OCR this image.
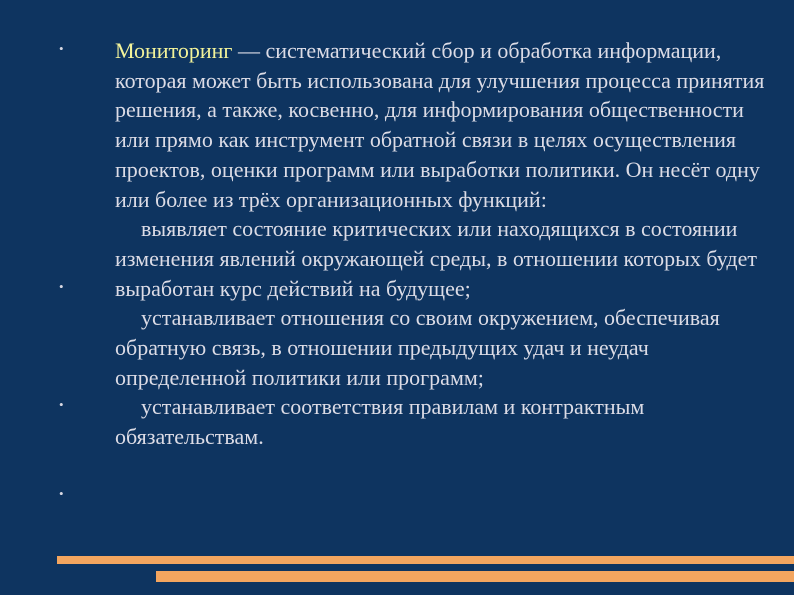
•
•
•
•

Мониторинг — систематический сбор и обработка информации, которая может быть использована для улучшения процесса принятия решения, а также, косвенно, для информирования общественности или прямо как инструмент обратной связи в целях осуществления проектов, оценки программ или выработки политики. Он несёт одну или более из трёх организационных функций:

выявляет состояние критических или находящихся в состоянии изменения явлений окружающей среды, в отношении которых будет выработан курс действий на будущее;

устанавливает отношения со своим окружением, обеспечивая обратную связь, в отношении предыдущих удач и неудач определенной политики или программ;

устанавливает соответствия правилам и контрактным обязательствам.
